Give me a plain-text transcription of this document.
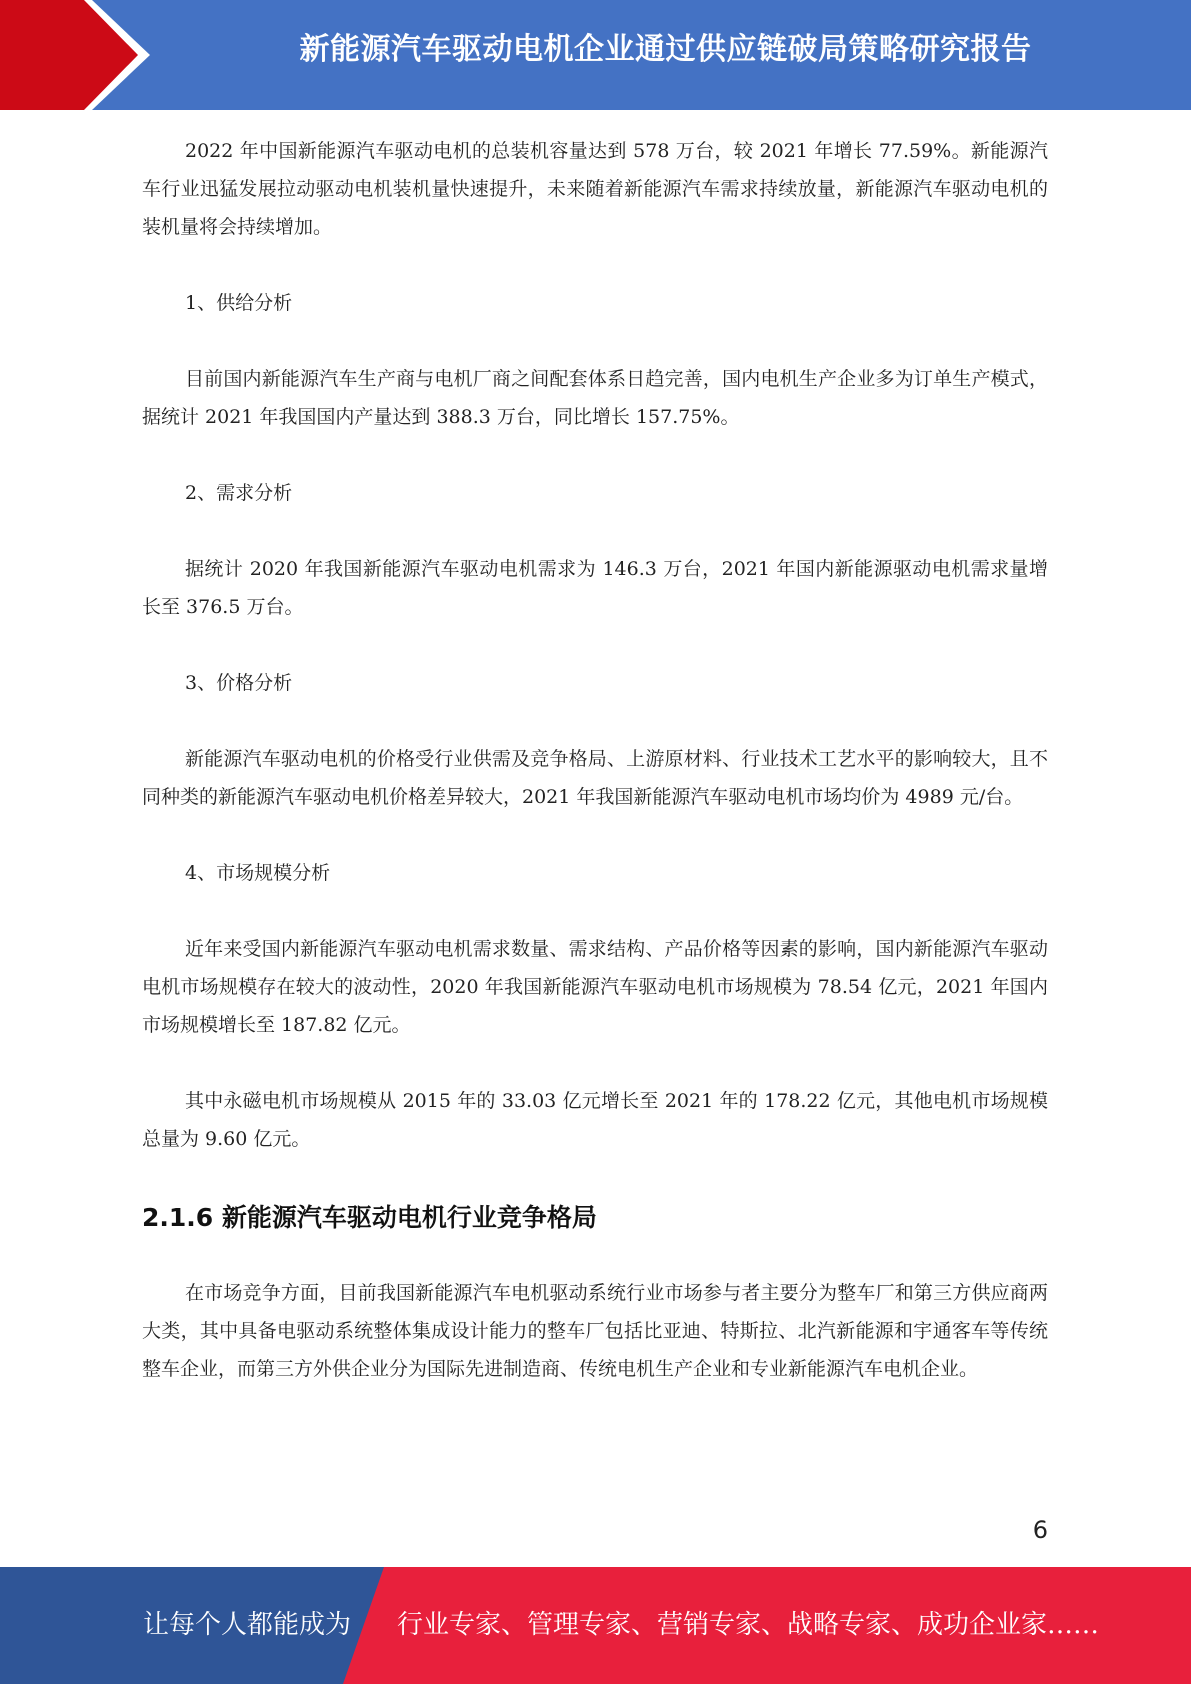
新能源汽车驱动电机企业通过供应链破局策略研究报告

2022 年中国新能源汽车驱动电机的总装机容量达到 578 万台，较 2021 年增长 77.59%。新能源汽车行业迅猛发展拉动驱动电机装机量快速提升，未来随着新能源汽车需求持续放量，新能源汽车驱动电机的装机量将会持续增加。

1、供给分析

目前国内新能源汽车生产商与电机厂商之间配套体系日趋完善，国内电机生产企业多为订单生产模式，据统计 2021 年我国国内产量达到 388.3 万台，同比增长 157.75%。

2、需求分析

据统计 2020 年我国新能源汽车驱动电机需求为 146.3 万台，2021 年国内新能源驱动电机需求量增长至 376.5 万台。

3、价格分析

新能源汽车驱动电机的价格受行业供需及竞争格局、上游原材料、行业技术工艺水平的影响较大，且不同种类的新能源汽车驱动电机价格差异较大，2021 年我国新能源汽车驱动电机市场均价为 4989 元/台。

4、市场规模分析

近年来受国内新能源汽车驱动电机需求数量、需求结构、产品价格等因素的影响，国内新能源汽车驱动电机市场规模存在较大的波动性，2020 年我国新能源汽车驱动电机市场规模为 78.54 亿元，2021 年国内市场规模增长至 187.82 亿元。

其中永磁电机市场规模从 2015 年的 33.03 亿元增长至 2021 年的 178.22 亿元，其他电机市场规模总量为 9.60 亿元。

2.1.6 新能源汽车驱动电机行业竞争格局

在市场竞争方面，目前我国新能源汽车电机驱动系统行业市场参与者主要分为整车厂和第三方供应商两大类，其中具备电驱动系统整体集成设计能力的整车厂包括比亚迪、特斯拉、北汽新能源和宇通客车等传统整车企业，而第三方外供企业分为国际先进制造商、传统电机生产企业和专业新能源汽车电机企业。

6
让每个人都能成为 行业专家、管理专家、营销专家、战略专家、成功企业家……
